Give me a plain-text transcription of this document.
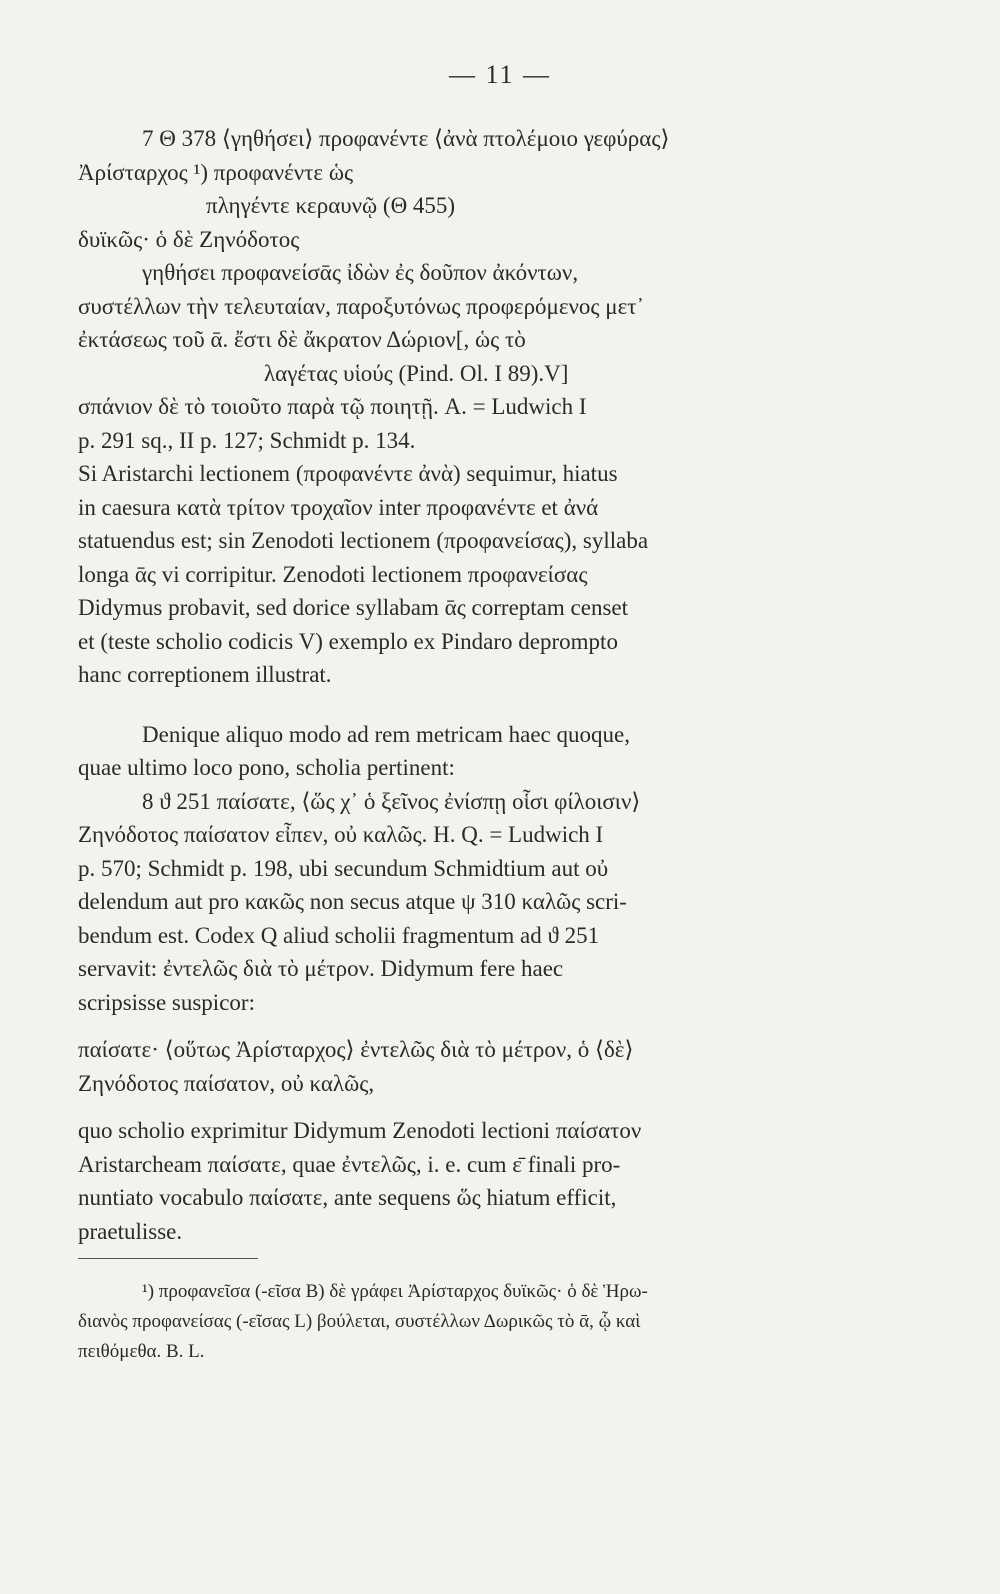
— 11 —
7 Θ 378 ⟨γηθήσει⟩ προφανέντε ⟨ἀνὰ πτολέμοιο γεφύρας⟩
Ἀρίσταρχος ¹) προφανέντε ὡς
πληγέντε κεραυνῷ (Θ 455)
δυϊκῶς· ὁ δὲ Ζηνόδοτος
γηθήσει προφανείσᾱς ἰδὼν ἐς δοῦπον ἀκόντων,
συστέλλων τὴν τελευταίαν, παροξυτόνως προφερόμενος μετ᾽
ἐκτάσεως τοῦ ᾱ. ἔστι δὲ ἄκρατον Δώριον[, ὡς τὸ
λαγέτας υἱούς (Pind. Ol. I 89).V]
σπάνιον δὲ τὸ τοιοῦτο παρὰ τῷ ποιητῇ. A. = Ludwich I
p. 291 sq., II p. 127; Schmidt p. 134.
Si Aristarchi lectionem (προφανέντε ἀνὰ) sequimur, hiatus
in caesura κατὰ τρίτον τροχαῖον inter προφανέντε et ἀνά
statuendus est; sin Zenodoti lectionem (προφανείσας), syllaba
longa ᾱς vi corripitur. Zenodoti lectionem προφανείσας
Didymus probavit, sed dorice syllabam ᾱς correptam censet
et (teste scholio codicis V) exemplo ex Pindaro deprompto
hanc correptionem illustrat.
Denique aliquo modo ad rem metricam haec quoque,
quae ultimo loco pono, scholia pertinent:
8 ϑ 251 παίσατε, ⟨ὥς χ᾽ ὁ ξεῖνος ἐνίσπῃ οἷσι φίλοισιν⟩
Ζηνόδοτος παίσατον εἶπεν, οὐ καλῶς. H. Q. = Ludwich I
p. 570; Schmidt p. 198, ubi secundum Schmidtium aut οὐ
delendum aut pro κακῶς non secus atque ψ 310 καλῶς scri-
bendum est. Codex Q aliud scholii fragmentum ad ϑ 251
servavit: ἐντελῶς διὰ τὸ μέτρον. Didymum fere haec
scripsisse suspicor:
παίσατε· ⟨οὕτως Ἀρίσταρχος⟩ ἐντελῶς διὰ τὸ μέτρον, ὁ ⟨δὲ⟩
Ζηνόδοτος παίσατον, οὐ καλῶς,
quo scholio exprimitur Didymum Zenodoti lectioni παίσατον
Aristarcheam παίσατε, quae ἐντελῶς, i. e. cum ε̄ finali pro-
nuntiato vocabulo παίσατε, ante sequens ὥς hiatum efficit,
praetulisse.
¹) προφανεῖσα (-εῖσα B) δὲ γράφει Ἀρίσταρχος δυϊκῶς· ὁ δὲ Ἡρω-
διανὸς προφανείσας (-εῖσας L) βούλεται, συστέλλων Δωρικῶς τὸ ᾱ, ᾧ καὶ
πειθόμεθα. B. L.
